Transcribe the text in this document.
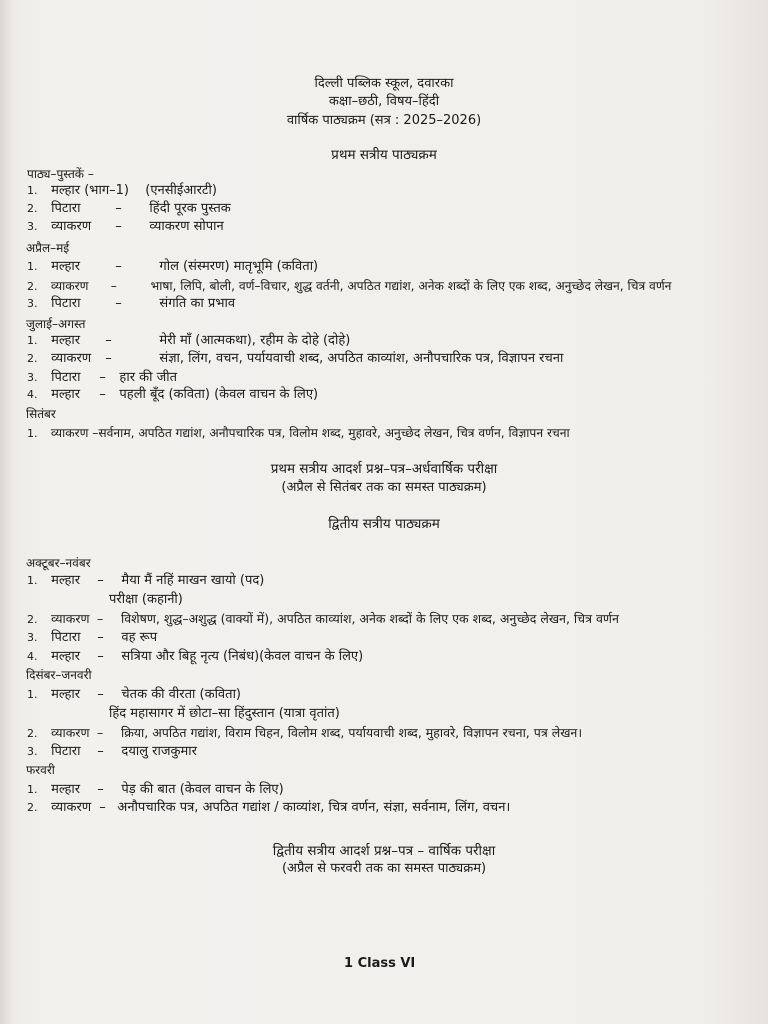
दिल्ली पब्लिक स्कूल, दवारका
कक्षा–छठी, विषय–हिंदी
वार्षिक पाठ्यक्रम (सत्र : 2025–2026)
प्रथम सत्रीय पाठ्यक्रम
पाठ्य–पुस्तकें –
1. मल्हार (भाग–1) (एनसीईआरटी)
2. पिटारा	– हिंदी पूरक पुस्तक
3. व्याकरण – व्याकरण सोपान
अप्रैल–मई
1. मल्हार	–	गोल (संस्मरण) मातृभूमि (कविता)
2. व्याकरण –	भाषा, लिपि, बोली, वर्ण–विचार, शुद्ध वर्तनी, अपठित गद्यांश, अनेक शब्दों के लिए एक शब्द, अनुच्छेद लेखन, चित्र वर्णन
3. पिटारा	–	संगति का प्रभाव
जुलाई–अगस्त
1. मल्हार –	मेरी माँ (आत्मकथा), रहीम के दोहे (दोहे)
2. व्याकरण –	संज्ञा, लिंग, वचन, पर्यायवाची शब्द, अपठित काव्यांश, अनौपचारिक पत्र, विज्ञापन रचना
3. पिटारा – हार की जीत
4. मल्हार – पहली बूँद (कविता) (केवल वाचन के लिए)
सितंबर
1. व्याकरण –सर्वनाम, अपठित गद्यांश, अनौपचारिक पत्र, विलोम शब्द, मुहावरे, अनुच्छेद लेखन, चित्र वर्णन, विज्ञापन रचना
प्रथम सत्रीय आदर्श प्रश्न–पत्र–अर्धवार्षिक परीक्षा
(अप्रैल से सितंबर तक का समस्त पाठ्यक्रम)
द्वितीय सत्रीय पाठ्यक्रम
अक्टूबर–नवंबर
1. मल्हार – मैया मैं नहिं माखन खायो (पद)
परीक्षा (कहानी)
2. व्याकरण – विशेषण, शुद्ध–अशुद्ध (वाक्यों में), अपठित काव्यांश, अनेक शब्दों के लिए एक शब्द, अनुच्छेद लेखन, चित्र वर्णन
3. पिटारा – वह रूप
4. मल्हार – सत्रिया और बिहू नृत्य (निबंध)(केवल वाचन के लिए)
दिसंबर–जनवरी
1. मल्हार – चेतक की वीरता (कविता)
हिंद महासागर में छोटा–सा हिंदुस्तान (यात्रा वृतांत)
2. व्याकरण – क्रिया, अपठित गद्यांश, विराम चिहन, विलोम शब्द, पर्यायवाची शब्द, मुहावरे, विज्ञापन रचना, पत्र लेखन।
3. पिटारा – दयालु राजकुमार
फरवरी
1. मल्हार – पेड़ की बात (केवल वाचन के लिए)
2. व्याकरण – अनौपचारिक पत्र, अपठित गद्यांश / काव्यांश, चित्र वर्णन, संज्ञा, सर्वनाम, लिंग, वचन।
द्वितीय सत्रीय आदर्श प्रश्न–पत्र – वार्षिक परीक्षा
(अप्रैल से फरवरी तक का समस्त पाठ्यक्रम)
1 Class VI
